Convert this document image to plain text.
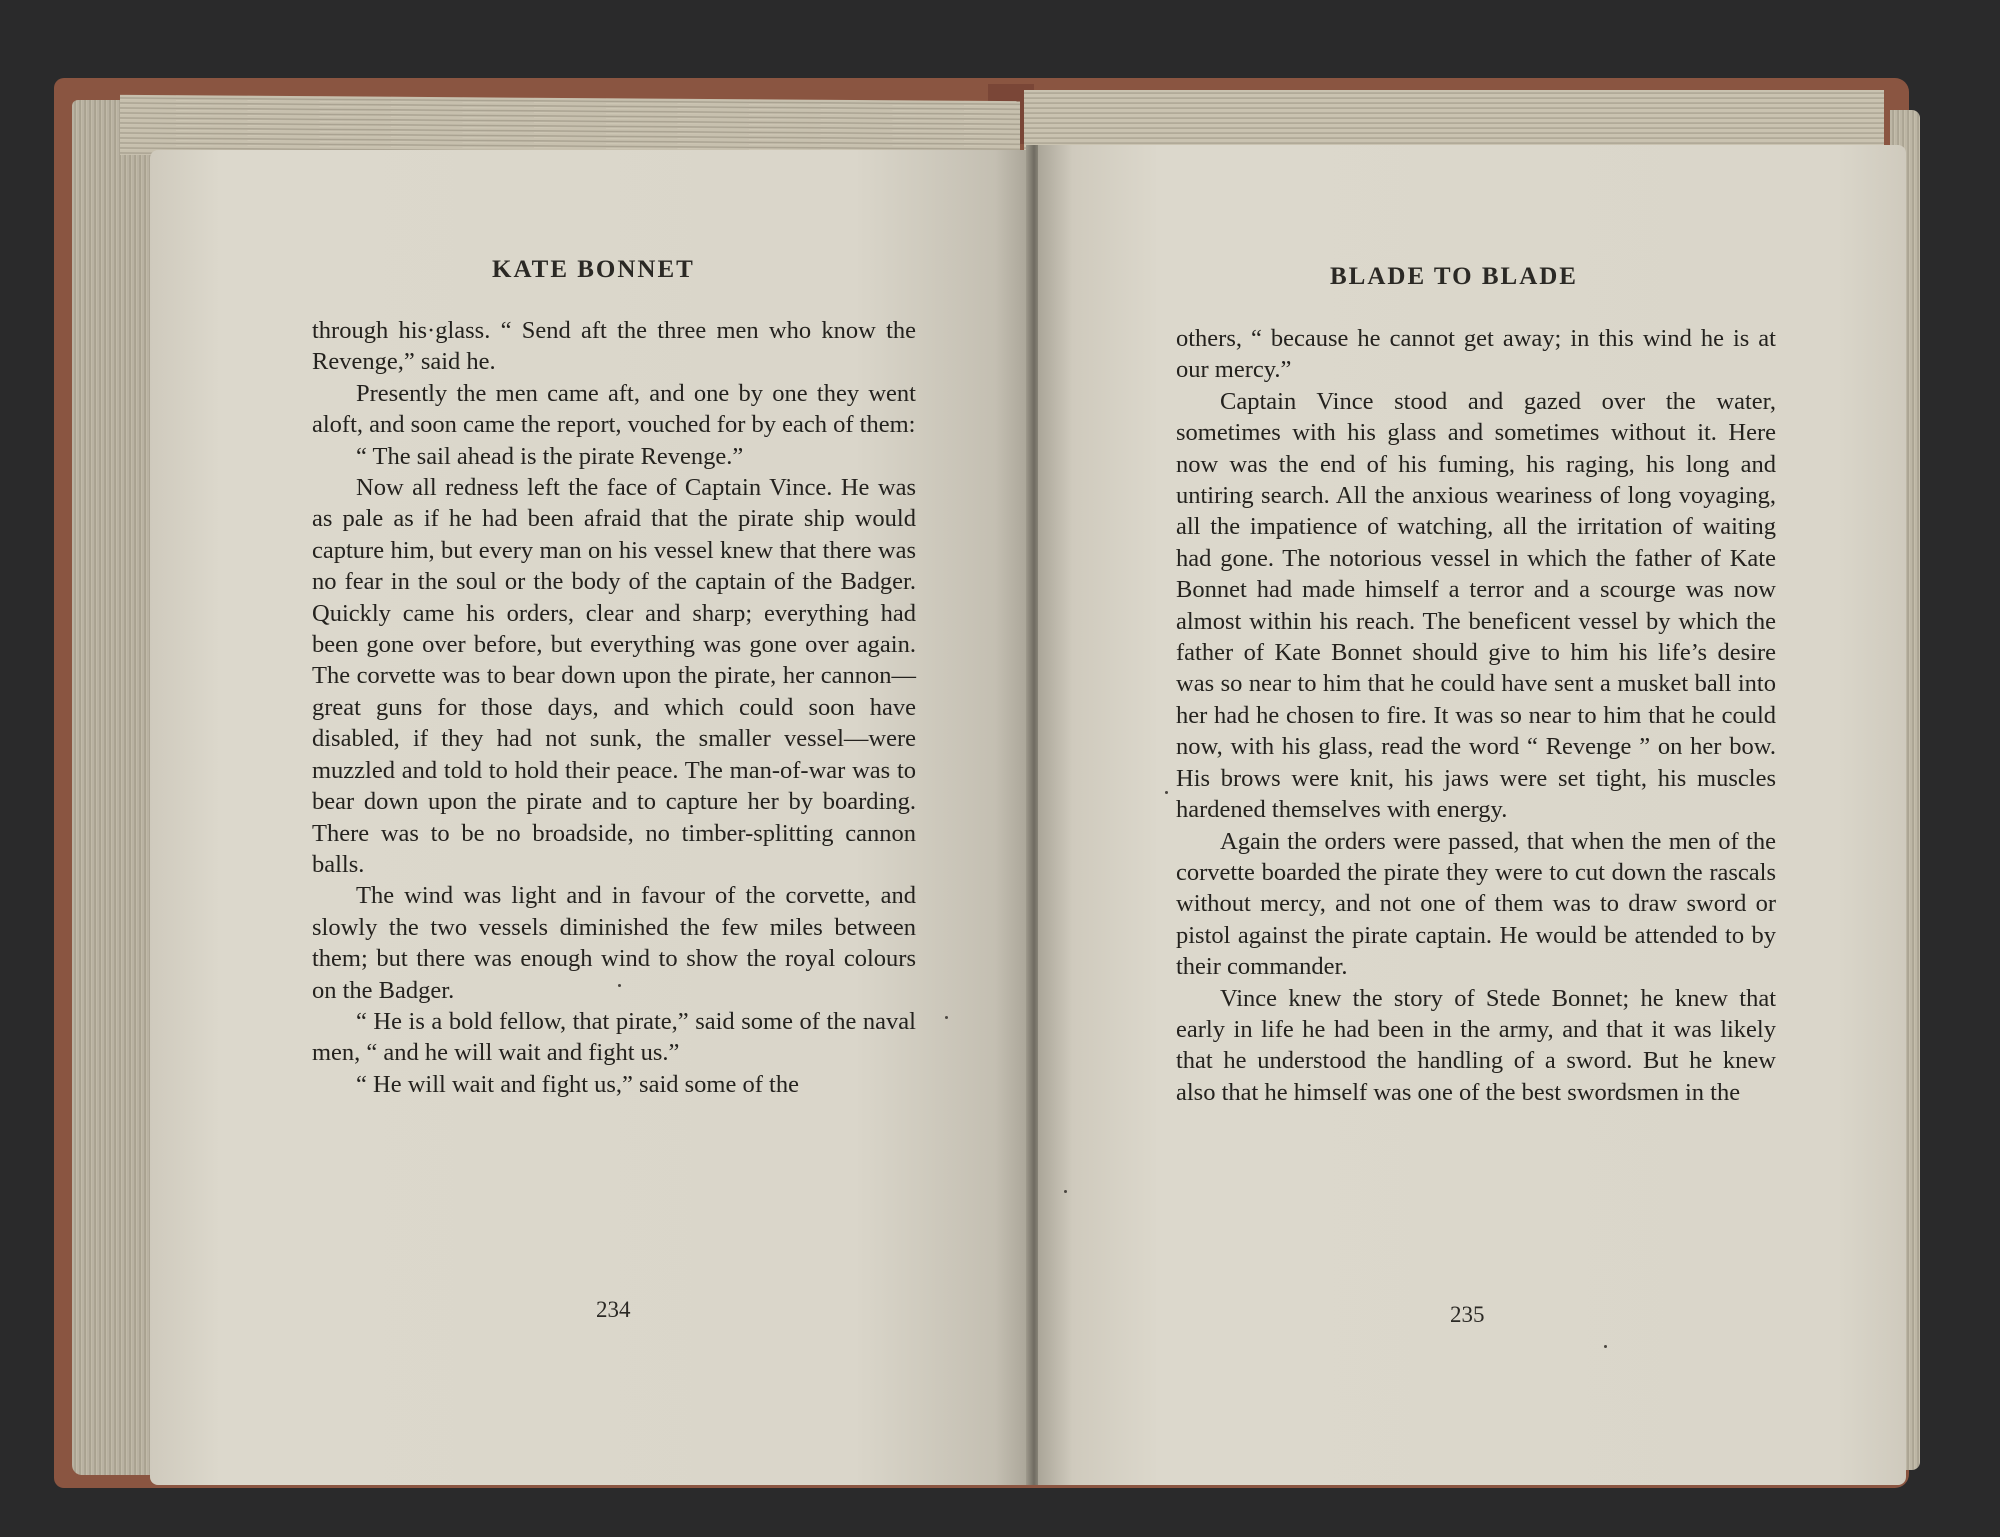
KATE BONNET

through his·glass. “ Send aft the three men who know the Revenge,” said he.

Presently the men came aft, and one by one they went aloft, and soon came the report, vouched for by each of them:

“ The sail ahead is the pirate Revenge.”

Now all redness left the face of Captain Vince. He was as pale as if he had been afraid that the pirate ship would capture him, but every man on his vessel knew that there was no fear in the soul or the body of the captain of the Badger. Quickly came his orders, clear and sharp; everything had been gone over before, but everything was gone over again. The corvette was to bear down upon the pirate, her cannon—great guns for those days, and which could soon have disabled, if they had not sunk, the smaller vessel—were muzzled and told to hold their peace. The man-of-war was to bear down upon the pirate and to capture her by boarding. There was to be no broadside, no timber-splitting cannon balls.

The wind was light and in favour of the corvette, and slowly the two vessels diminished the few miles between them; but there was enough wind to show the royal colours on the Badger.

“ He is a bold fellow, that pirate,” said some of the naval men, “ and he will wait and fight us.”

“ He will wait and fight us,” said some of the

234
BLADE TO BLADE

others, “ because he cannot get away; in this wind he is at our mercy.”

Captain Vince stood and gazed over the water, sometimes with his glass and sometimes without it. Here now was the end of his fuming, his raging, his long and untiring search. All the anxious weariness of long voyaging, all the impatience of watching, all the irritation of waiting had gone. The notorious vessel in which the father of Kate Bonnet had made himself a terror and a scourge was now almost within his reach. The beneficent vessel by which the father of Kate Bonnet should give to him his life’s desire was so near to him that he could have sent a musket ball into her had he chosen to fire. It was so near to him that he could now, with his glass, read the word “ Revenge ” on her bow. His brows were knit, his jaws were set tight, his muscles hardened themselves with energy.

Again the orders were passed, that when the men of the corvette boarded the pirate they were to cut down the rascals without mercy, and not one of them was to draw sword or pistol against the pirate captain. He would be attended to by their commander.

Vince knew the story of Stede Bonnet; he knew that early in life he had been in the army, and that it was likely that he understood the handling of a sword. But he knew also that he himself was one of the best swordsmen in the

235
